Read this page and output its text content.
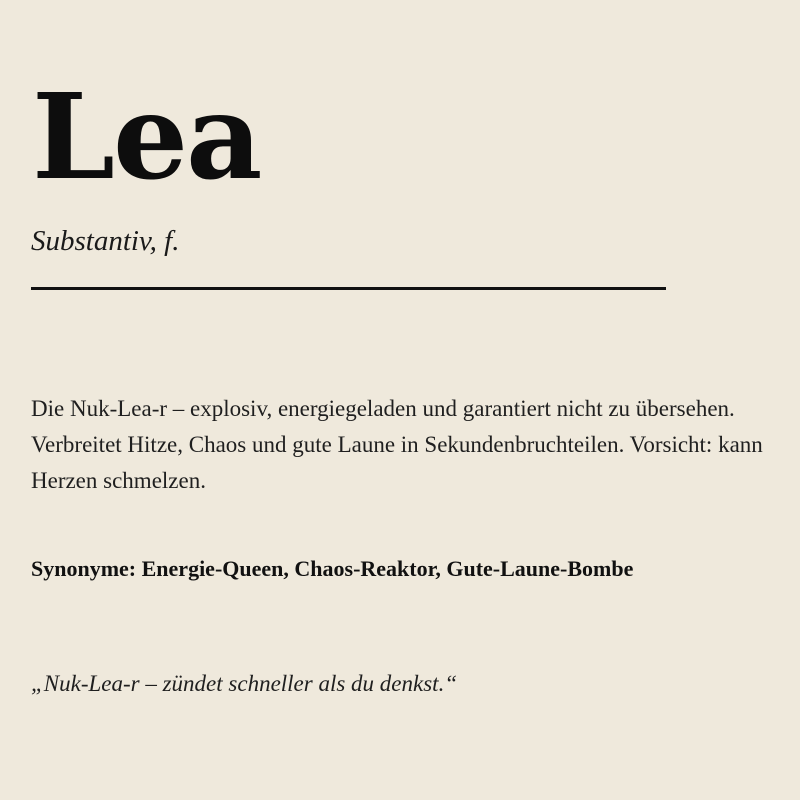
Lea

Substantiv, f.

Die Nuk-Lea-r – explosiv, energiegeladen und garantiert nicht zu übersehen. Verbreitet Hitze, Chaos und gute Laune in Sekundenbruchteilen. Vorsicht: kann Herzen schmelzen.

Synonyme: Energie-Queen, Chaos-Reaktor, Gute-Laune-Bombe

„Nuk-Lea-r – zündet schneller als du denkst.“
